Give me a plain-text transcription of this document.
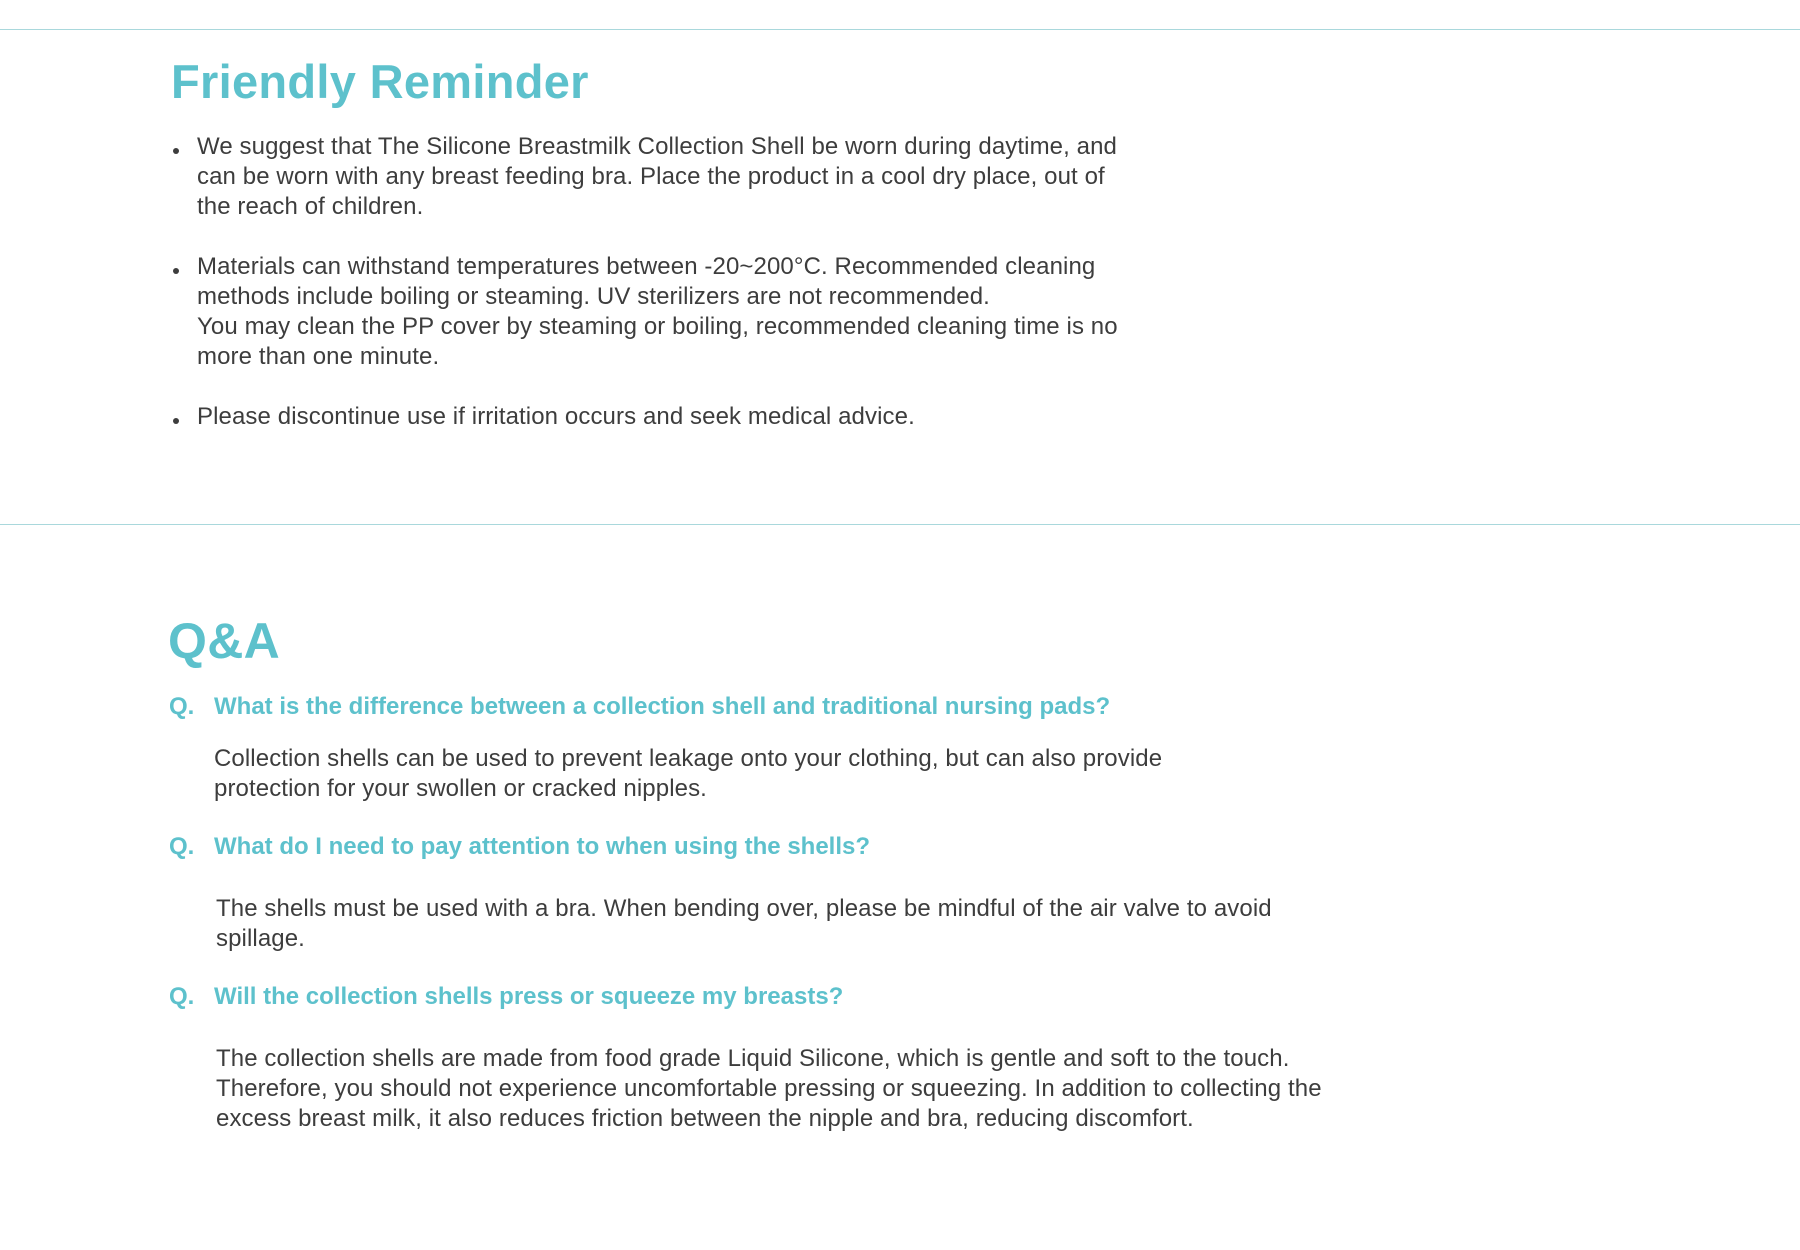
Friendly Reminder
We suggest that The Silicone Breastmilk Collection Shell be worn during daytime, and
can be worn with any breast feeding bra. Place the product in a cool dry place, out of
the reach of children.
Materials can withstand temperatures between -20~200°C. Recommended cleaning
methods include boiling or steaming. UV sterilizers are not recommended.
You may clean the PP cover by steaming or boiling, recommended cleaning time is no
more than one minute.
Please discontinue use if irritation occurs and seek medical advice.
Q&A
Q. What is the difference between a collection shell and traditional nursing pads?
Collection shells can be used to prevent leakage onto your clothing, but can also provide
protection for your swollen or cracked nipples.
Q. What do I need to pay attention to when using the shells?
The shells must be used with a bra. When bending over, please be mindful of the air valve to avoid
spillage.
Q. Will the collection shells press or squeeze my breasts?
The collection shells are made from food grade Liquid Silicone, which is gentle and soft to the touch.
Therefore, you should not experience uncomfortable pressing or squeezing. In addition to collecting the
excess breast milk, it also reduces friction between the nipple and bra, reducing discomfort.
